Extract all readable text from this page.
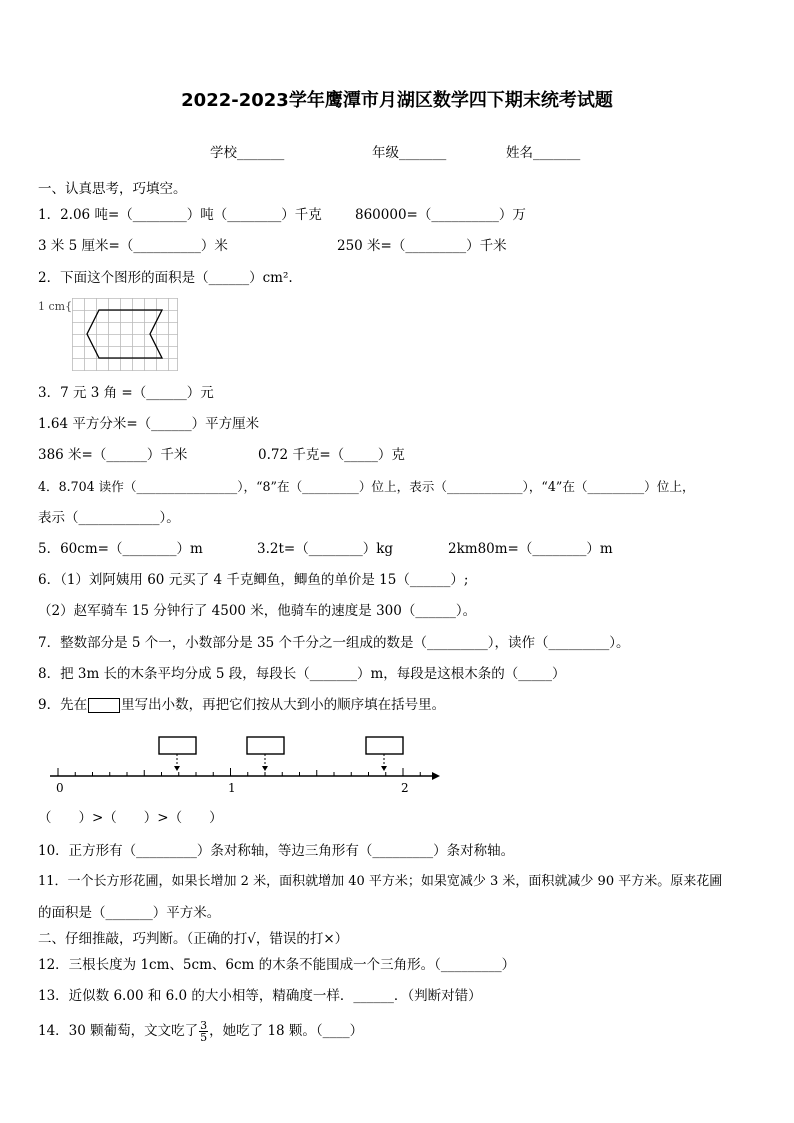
2022-2023学年鹰潭市月湖区数学四下期末统考试题
学校_______	年级_______	姓名_______
一、认真思考，巧填空。
1．2.06 吨=（________）吨（________）千克 860000=（__________）万
3 米 5 厘米=（__________）米	250 米=（_________）千米
2．下面这个图形的面积是（______）cm².
1 cm{
3．7 元 3 角 =（______）元
1.64 平方分米=（______）平方厘米
386 米=（______）千米	0.72 千克=（_____）克
4．8.704 读作（________________），“8”在（_________）位上，表示（____________），“4”在（_________）位上，
表示（____________）。
5．60cm=（________）m	3.2t=（________）kg	2km80m=（________）m
6．（1）刘阿姨用 60 元买了 4 千克鲫鱼，鲫鱼的单价是 15（______）;
（2）赵军骑车 15 分钟行了 4500 米，他骑车的速度是 300（______）。
7．整数部分是 5 个一，小数部分是 35 个千分之一组成的数是（_________），读作（_________）。
8．把 3m 长的木条平均分成 5 段，每段长（_______）m，每段是这根木条的（_____）
9．先在	里写出小数，再把它们按从大到小的顺序填在括号里。
0	1	2
（　　）>（　　）>（　　）
10．正方形有（_________）条对称轴，等边三角形有（_________）条对称轴。
11．一个长方形花圃，如果长增加 2 米，面积就增加 40 平方米；如果宽减少 3 米，面积就减少 90 平方米。原来花圃
的面积是（_______）平方米。
二、仔细推敲，巧判断。（正确的打√，错误的打×）
12．三根长度为 1cm、5cm、6cm 的木条不能围成一个三角形。（_________）
13．近似数 6.00 和 6.0 的大小相等，精确度一样．______．（判断对错）
14．30 颗葡萄，文文吃了 $\frac{3}{5}$ ，她吃了 18 颗。（____）
